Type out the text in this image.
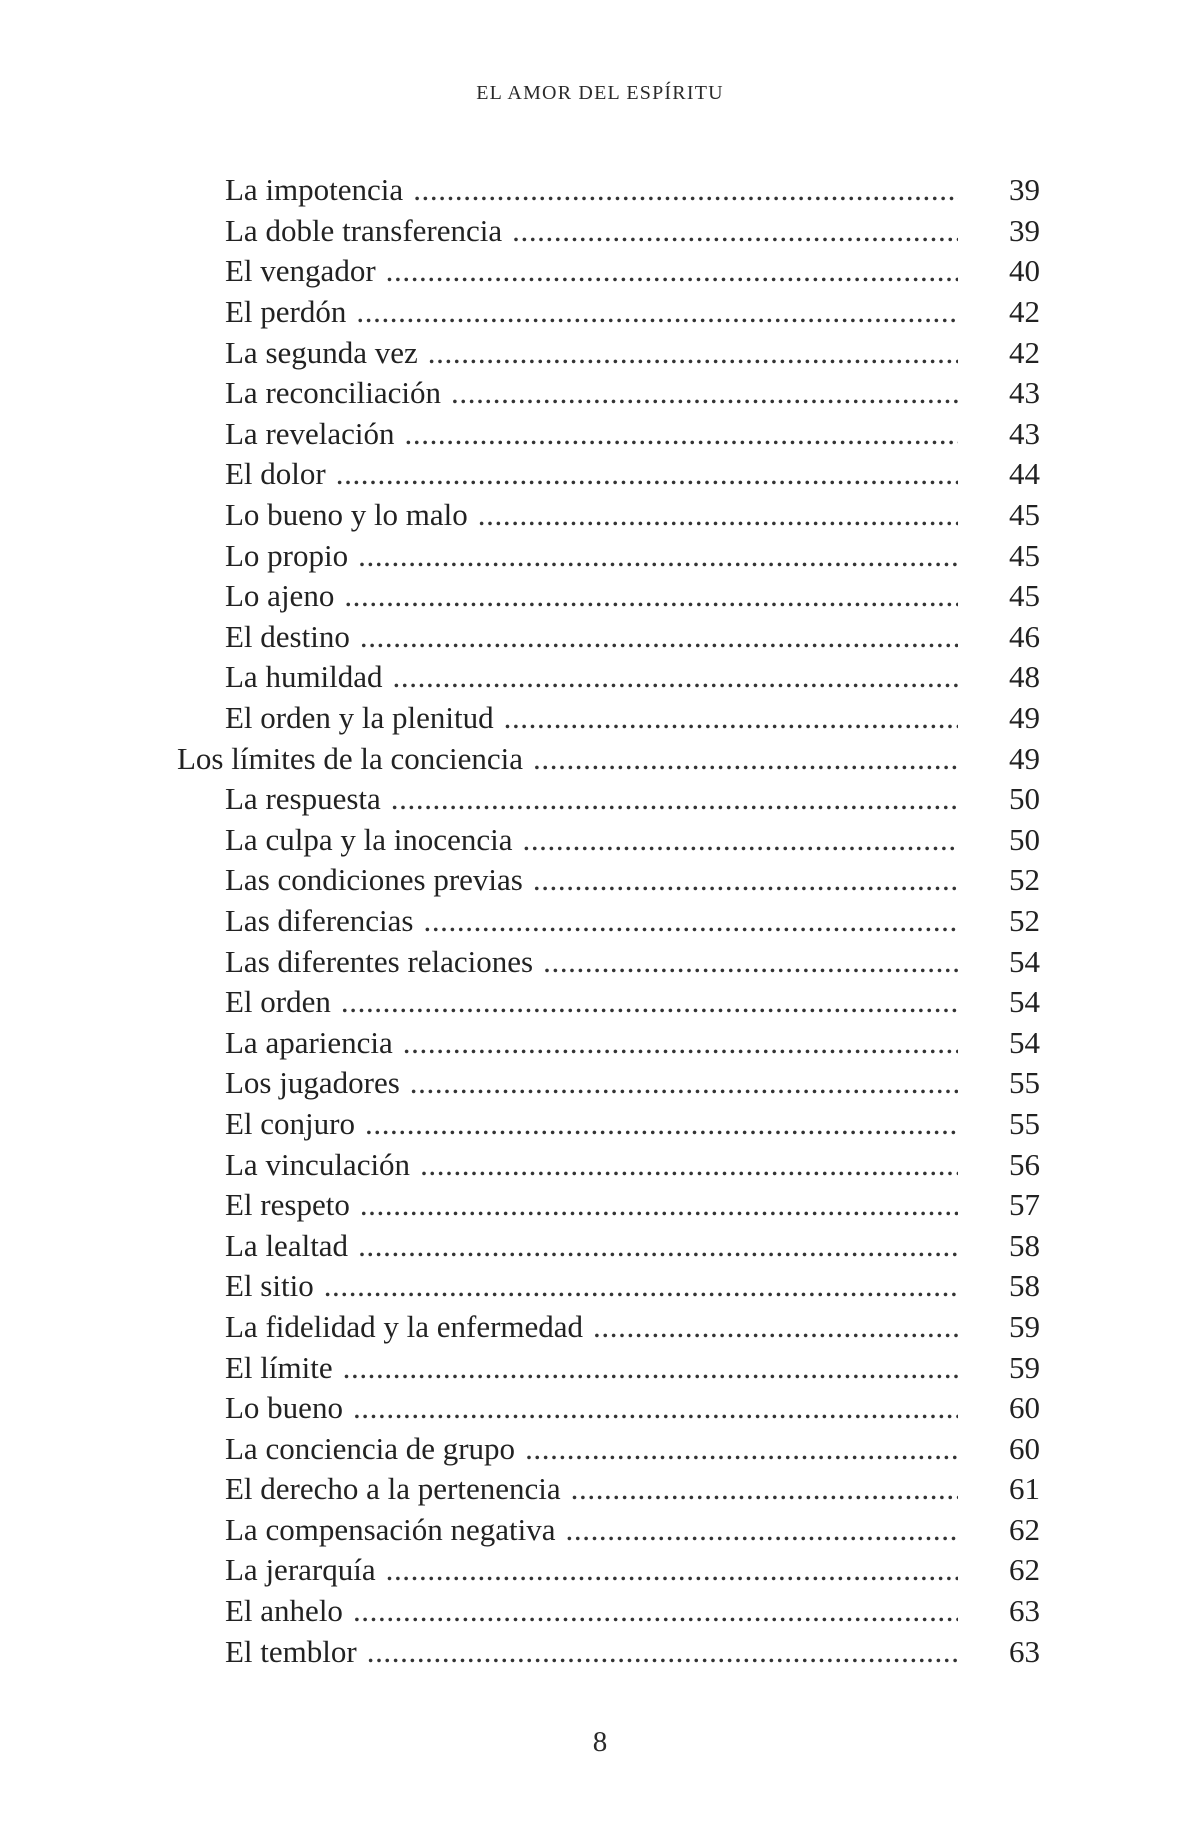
EL AMOR DEL ESPÍRITU
La impotencia .....	39
La doble transferencia .....	39
El vengador .....	40
El perdón .....	42
La segunda vez .....	42
La reconciliación .....	43
La revelación .....	43
El dolor .....	44
Lo bueno y lo malo .....	45
Lo propio .....	45
Lo ajeno .....	45
El destino .....	46
La humildad .....	48
El orden y la plenitud .....	49
Los límites de la conciencia .....	49
La respuesta .....	50
La culpa y la inocencia .....	50
Las condiciones previas .....	52
Las diferencias .....	52
Las diferentes relaciones .....	54
El orden .....	54
La apariencia .....	54
Los jugadores .....	55
El conjuro .....	55
La vinculación .....	56
El respeto .....	57
La lealtad .....	58
El sitio .....	58
La fidelidad y la enfermedad .....	59
El límite .....	59
Lo bueno .....	60
La conciencia de grupo .....	60
El derecho a la pertenencia .....	61
La compensación negativa .....	62
La jerarquía .....	62
El anhelo .....	63
El temblor .....	63
8
